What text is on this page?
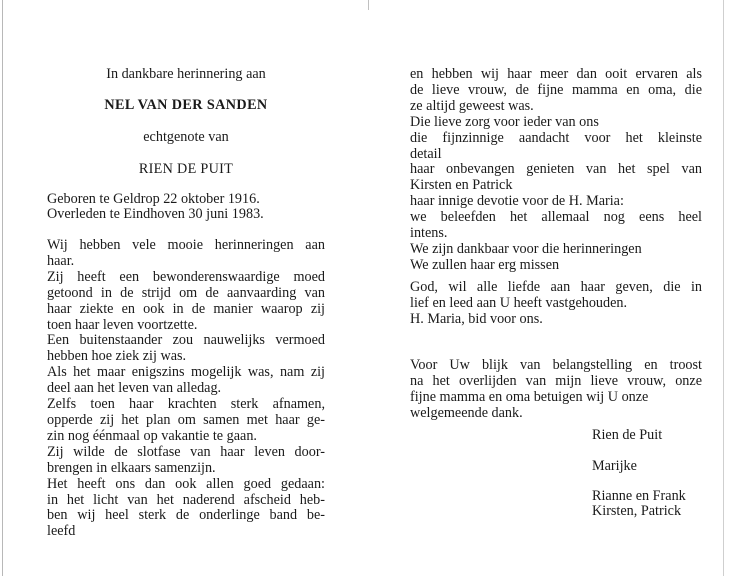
In dankbare herinnering aan
NEL VAN DER SANDEN
echtgenote van
RIEN DE PUIT
Geboren te Geldrop 22 oktober 1916.
Overleden te Eindhoven 30 juni 1983.
Wij hebben vele mooie herinneringen aan
haar.
Zij heeft een bewonderenswaardige moed
getoond in de strijd om de aanvaarding van
haar ziekte en ook in de manier waarop zij
toen haar leven voortzette.
Een buitenstaander zou nauwelijks vermoed
hebben hoe ziek zij was.
Als het maar enigszins mogelijk was, nam zij
deel aan het leven van alledag.
Zelfs toen haar krachten sterk afnamen,
opperde zij het plan om samen met haar ge-
zin nog éénmaal op vakantie te gaan.
Zij wilde de slotfase van haar leven door-
brengen in elkaars samenzijn.
Het heeft ons dan ook allen goed gedaan:
in het licht van het naderend afscheid heb-
ben wij heel sterk de onderlinge band be-
leefd
en hebben wij haar meer dan ooit ervaren als
de lieve vrouw, de fijne mamma en oma, die
ze altijd geweest was.
Die lieve zorg voor ieder van ons
die fijnzinnige aandacht voor het kleinste
detail
haar onbevangen genieten van het spel van
Kirsten en Patrick
haar innige devotie voor de H. Maria:
we beleefden het allemaal nog eens heel
intens.
We zijn dankbaar voor die herinneringen
We zullen haar erg missen
God, wil alle liefde aan haar geven, die in
lief en leed aan U heeft vastgehouden.
H. Maria, bid voor ons.
Voor Uw blijk van belangstelling en troost
na het overlijden van mijn lieve vrouw, onze
fijne mamma en oma betuigen wij U onze
welgemeende dank.
Rien de Puit
Marijke
Rianne en Frank
Kirsten, Patrick
